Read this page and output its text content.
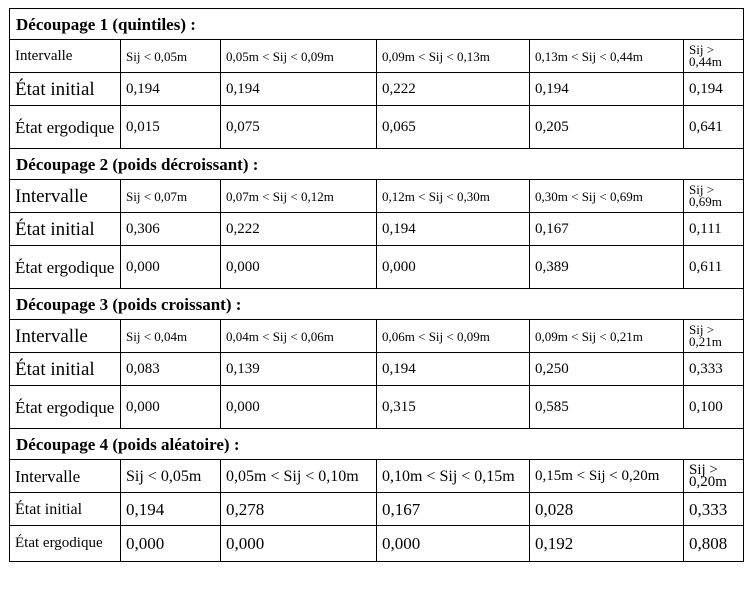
Découpage 1 (quintiles) :					
Intervalle	Sij < 0,05m	0,05m < Sij < 0,09m	0,09m < Sij < 0,13m	0,13m < Sij < 0,44m	Sij > 0,44m
État initial	0,194	0,194	0,222	0,194	0,194
État ergodique	0,015	0,075	0,065	0,205	0,641
Découpage 2 (poids décroissant) :					
Intervalle	Sij < 0,07m	0,07m < Sij < 0,12m	0,12m < Sij < 0,30m	0,30m < Sij < 0,69m	Sij > 0,69m
État initial	0,306	0,222	0,194	0,167	0,111
État ergodique	0,000	0,000	0,000	0,389	0,611
Découpage 3 (poids croissant) :					
Intervalle	Sij < 0,04m	0,04m < Sij < 0,06m	0,06m < Sij < 0,09m	0,09m < Sij < 0,21m	Sij > 0,21m
État initial	0,083	0,139	0,194	0,250	0,333
État ergodique	0,000	0,000	0,315	0,585	0,100
Découpage 4 (poids aléatoire) :					
Intervalle	Sij < 0,05m	0,05m < Sij < 0,10m	0,10m < Sij < 0,15m	0,15m < Sij < 0,20m	Sij > 0,20m
État initial	0,194	0,278	0,167	0,028	0,333
État ergodique	0,000	0,000	0,000	0,192	0,808
